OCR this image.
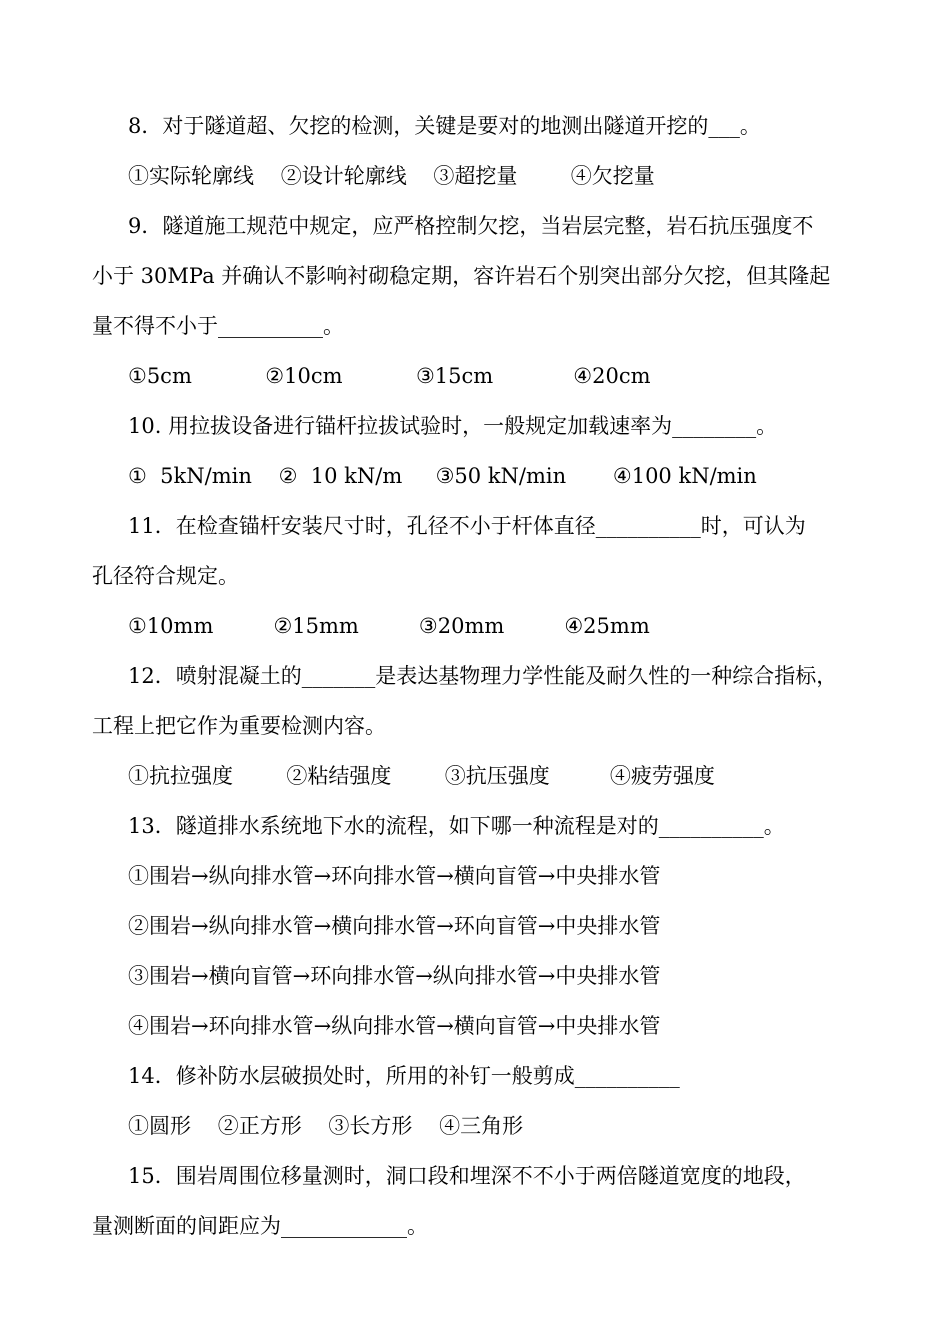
8．对于隧道超、欠挖的检测，关键是要对的地测出隧道开挖的___。
①实际轮廓线    ②设计轮廓线    ③超挖量        ④欠挖量
9．隧道施工规范中规定，应严格控制欠挖，当岩层完整，岩石抗压强度不
小于 30MPa 并确认不影响衬砌稳定期，容许岩石个别突出部分欠挖，但其隆起
量不得不小于__________。
①5cm           ②10cm           ③15cm            ④20cm
10. 用拉拔设备进行锚杆拉拔试验时，一般规定加载速率为________。
①  5kN/min    ②  10 kN/m     ③50 kN/min       ④100 kN/min
11．在检查锚杆安装尺寸时，孔径不小于杆体直径__________时，可认为
孔径符合规定。
①10mm         ②15mm         ③20mm         ④25mm
12．喷射混凝土的_______是表达基物理力学性能及耐久性的一种综合指标，
工程上把它作为重要检测内容。
①抗拉强度        ②粘结强度        ③抗压强度         ④疲劳强度
13．隧道排水系统地下水的流程，如下哪一种流程是对的__________。
①围岩→纵向排水管→环向排水管→横向盲管→中央排水管
②围岩→纵向排水管→横向排水管→环向盲管→中央排水管
③围岩→横向盲管→环向排水管→纵向排水管→中央排水管
④围岩→环向排水管→纵向排水管→横向盲管→中央排水管
14．修补防水层破损处时，所用的补钉一般剪成__________
①圆形    ②正方形    ③长方形    ④三角形
15．围岩周围位移量测时，洞口段和埋深不不小于两倍隧道宽度的地段，
量测断面的间距应为____________。
